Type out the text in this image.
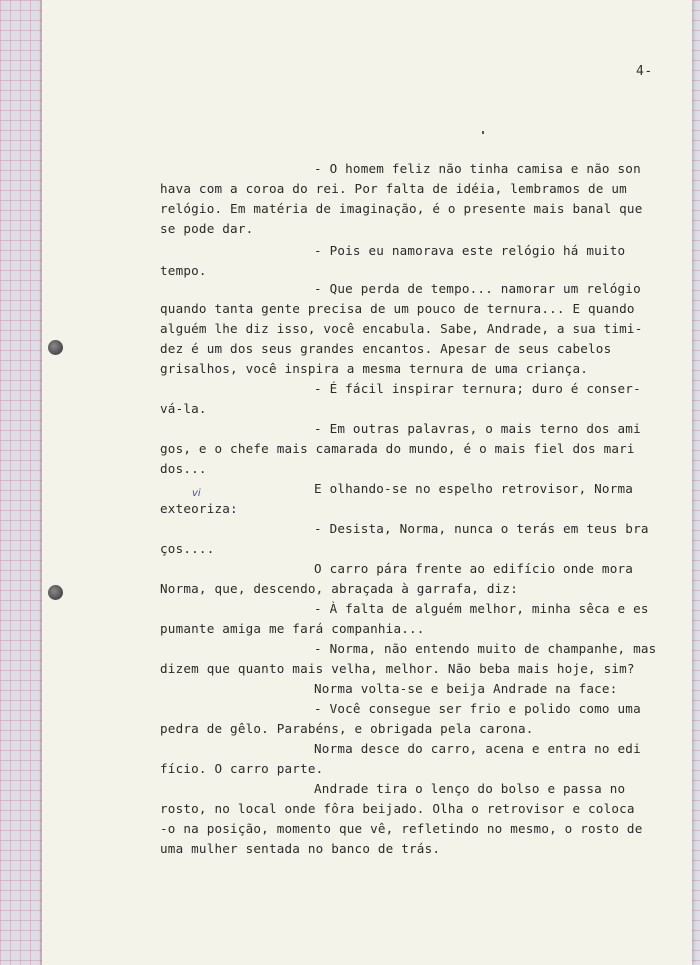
4-
- O homem feliz não tinha camisa e não son
hava com a coroa do rei. Por falta de idéia, lembramos de um
relógio. Em matéria de imaginação, é o presente mais banal que
se pode dar.
- Pois eu namorava este relógio há muito
tempo.
- Que perda de tempo... namorar um relógio
quando tanta gente precisa de um pouco de ternura... E quando
alguém lhe diz isso, você encabula. Sabe, Andrade, a sua timi-
dez é um dos seus grandes encantos. Apesar de seus cabelos
grisalhos, você inspira a mesma ternura de uma criança.
- É fácil inspirar ternura; duro é conser-
vá-la.
- Em outras palavras, o mais terno dos ami
gos, e o chefe mais camarada do mundo, é o mais fiel dos mari
dos...
E olhando-se no espelho retrovisor, Norma
vi
exteoriza:
- Desista, Norma, nunca o terás em teus bra
ços....
O carro pára frente ao edifício onde mora
Norma, que, descendo, abraçada à garrafa, diz:
- À falta de alguém melhor, minha sêca e es
pumante amiga me fará companhia...
- Norma, não entendo muito de champanhe, mas
dizem que quanto mais velha, melhor. Não beba mais hoje, sim?
Norma volta-se e beija Andrade na face:
- Você consegue ser frio e polido como uma
pedra de gêlo. Parabéns, e obrigada pela carona.
Norma desce do carro, acena e entra no edi
fício. O carro parte.
Andrade tira o lenço do bolso e passa no
rosto, no local onde fôra beijado. Olha o retrovisor e coloca
-o na posição, momento que vê, refletindo no mesmo, o rosto de
uma mulher sentada no banco de trás.
